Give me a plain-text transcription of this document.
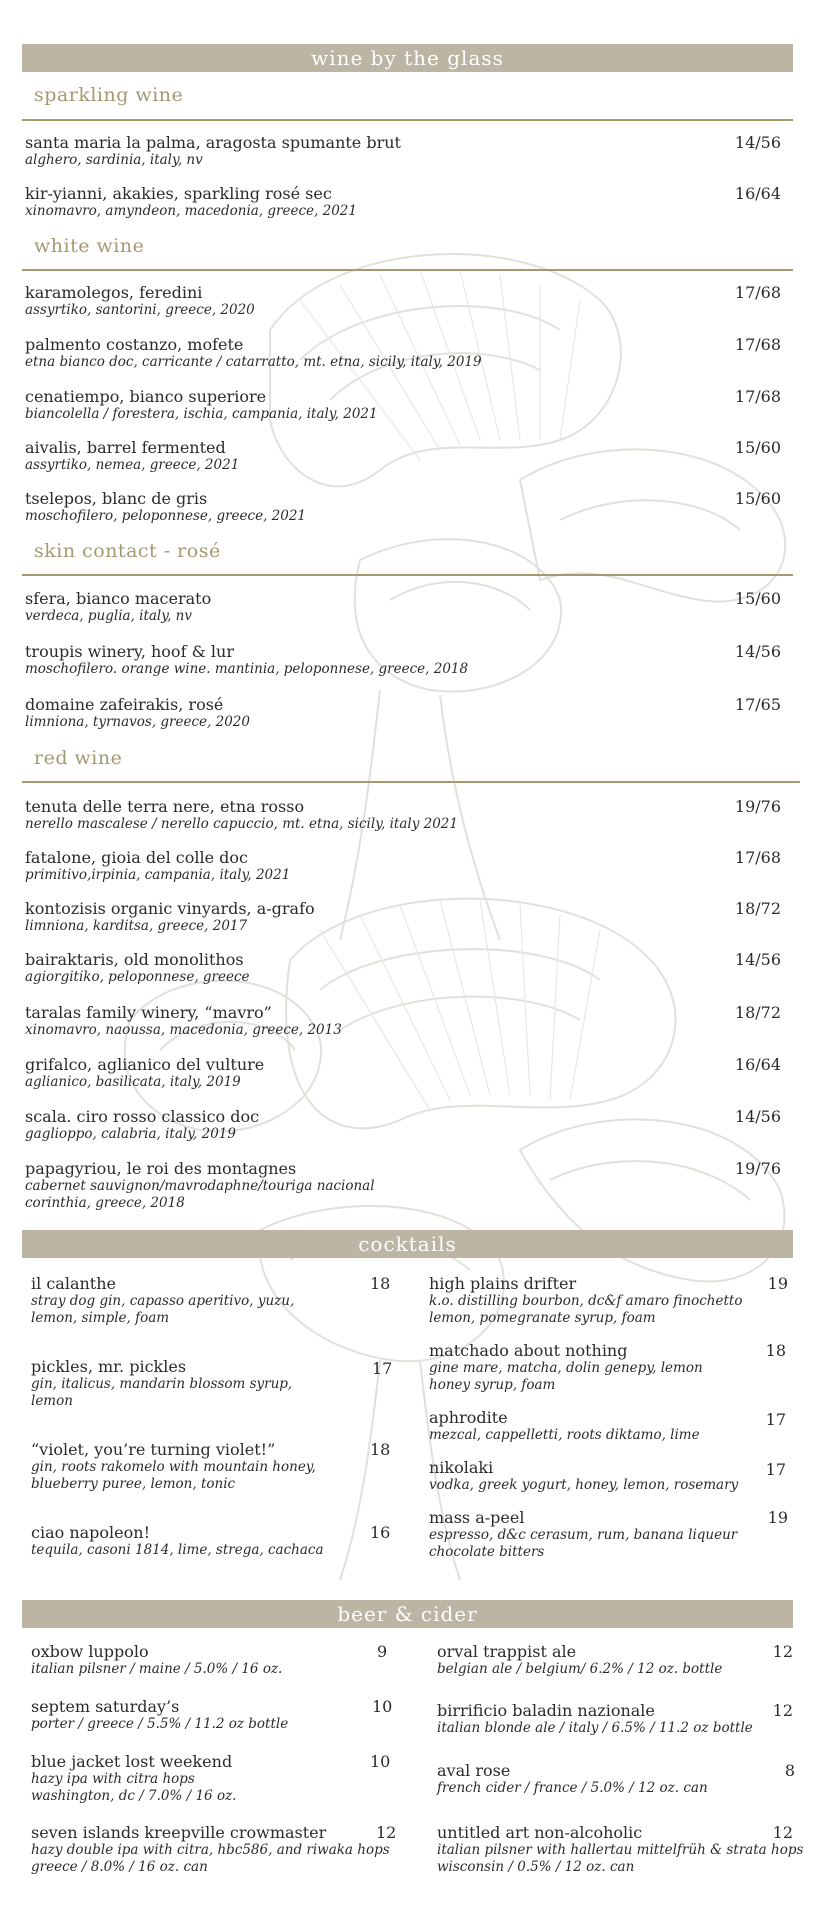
wine by the glass
sparkling wine
santa maria la palma, aragosta spumante brut
alghero, sardinia, italy, nv
14/56
kir-yianni, akakies, sparkling rosé sec
xinomavro, amyndeon, macedonia, greece, 2021
16/64
white wine
karamolegos, feredini
assyrtiko, santorini, greece, 2020
17/68
palmento costanzo, mofete
etna bianco doc, carricante / catarratto, mt. etna, sicily, italy, 2019
17/68
cenatiempo, bianco superiore
biancolella / forestera, ischia, campania, italy, 2021
17/68
aivalis, barrel fermented
assyrtiko, nemea, greece, 2021
15/60
tselepos, blanc de gris
moschofilero, peloponnese, greece, 2021
15/60
skin contact - rosé
sfera, bianco macerato
verdeca, puglia, italy, nv
15/60
troupis winery, hoof & lur
moschofilero. orange wine. mantinia, peloponnese, greece, 2018
14/56
domaine zafeirakis, rosé
limniona, tyrnavos, greece, 2020
17/65
red wine
tenuta delle terra nere, etna rosso
nerello mascalese / nerello capuccio, mt. etna, sicily, italy 2021
19/76
fatalone, gioia del colle doc
primitivo,irpinia, campania, italy, 2021
17/68
kontozisis organic vinyards, a-grafo
limniona, karditsa, greece, 2017
18/72
bairaktaris, old monolithos
agiorgitiko, peloponnese, greece
14/56
taralas family winery, “mavro”
xinomavro, naoussa, macedonia, greece, 2013
18/72
grifalco, aglianico del vulture
aglianico, basilicata, italy, 2019
16/64
scala. ciro rosso classico doc
gaglioppo, calabria, italy, 2019
14/56
papagyriou, le roi des montagnes
cabernet sauvignon/mavrodaphne/touriga nacional
corinthia, greece, 2018
19/76
cocktails
il calanthe
stray dog gin, capasso aperitivo, yuzu,
lemon, simple, foam
18
pickles, mr. pickles
gin, italicus, mandarin blossom syrup,
lemon
17
“violet, you’re turning violet!”
gin, roots rakomelo with mountain honey,
blueberry puree, lemon, tonic
18
ciao napoleon!
tequila, casoni 1814, lime, strega, cachaca
16
high plains drifter
k.o. distilling bourbon, dc&f amaro finochetto
lemon, pomegranate syrup, foam
19
matchado about nothing
gine mare, matcha, dolin genepy, lemon
honey syrup, foam
18
aphrodite
mezcal, cappelletti, roots diktamo, lime
17
nikolaki
vodka, greek yogurt, honey, lemon, rosemary
17
mass a-peel
espresso, d&c cerasum, rum, banana liqueur
chocolate bitters
19
beer & cider
oxbow luppolo
italian pilsner / maine / 5.0% / 16 oz.
9
septem saturday’s
porter / greece / 5.5% / 11.2 oz bottle
10
blue jacket lost weekend
hazy ipa with citra hops
washington, dc / 7.0% / 16 oz.
10
seven islands kreepville crowmaster
hazy double ipa with citra, hbc586, and riwaka hops
greece / 8.0% / 16 oz. can
12
orval trappist ale
belgian ale / belgium/ 6.2% / 12 oz. bottle
12
birrificio baladin nazionale
italian blonde ale / italy / 6.5% / 11.2 oz bottle
12
aval rose
french cider / france / 5.0% / 12 oz. can
8
untitled art non-alcoholic
italian pilsner with hallertau mittelfrüh & strata hops
wisconsin / 0.5% / 12 oz. can
12
